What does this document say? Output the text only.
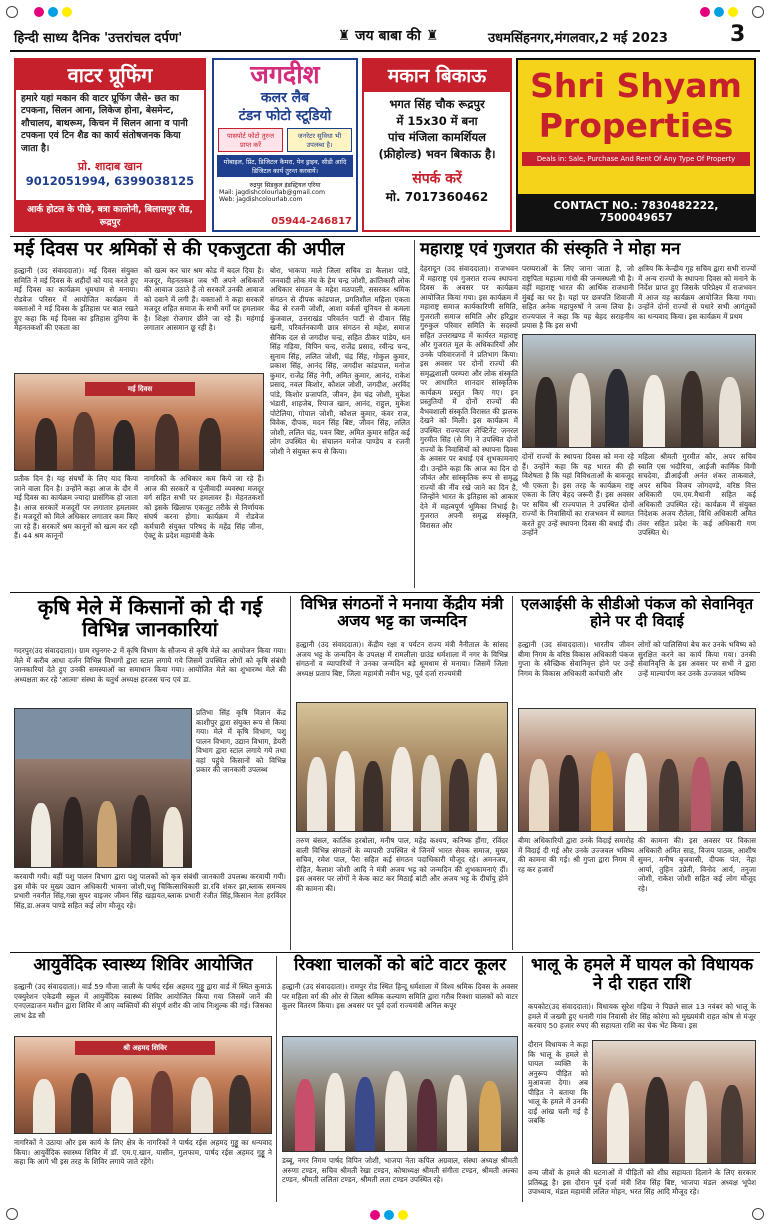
हिन्दी साध्य दैनिक 'उत्तरांचल दर्पण'	♜ जय बाबा की ♜	उधमसिंहनगर,मंगलवार,2 मई 2023	3
वाटर प्रूफिंग
हमारे यहां मकान की वाटर प्रूफिंग जैसे- छत का टपकना, सिलन आना, लिकेज होना, बेसमेन्ट, शौचालय, बाथरूम, किचन में सिलन आना व पानी टपकना एवं टिन शैड का कार्य संतोषजनक किया जाता है।
प्रो. शादाब खान
9012051994, 6399038125
आर्क होटल के पीछे, बत्रा कालोनी, बिलासपुर रोड, रूद्रपुर
जगदीश
कलर लैब
टंडन फोटो स्टूडियो
पासपोर्ट फोटो तुरन्त प्राप्त करें
जनरेटर सुविधा भी उपलब्ध है।
मोबाइल, प्रिंट, डिजिटल कैमरा, पेन ड्राइव, सीडी आदि डिजिटल कार्य तुरन्त करवायें।
रुद्रपुर सिडकुल इंडस्ट्रियल एरिया
Mail: jagdishcolourlab@gmail.com
Web: jagdishcolourlab.com
05944-246817
मकान बिकाऊ
भगत सिंह चौक रूद्रपुर
में 15x30 में बना
पांच मंजिला कामर्शियल
(फ्रीहोल्ड) भवन बिकाऊ है।
संपर्क करें
मो. 7017360462
Shri Shyam
Properties
Deals in: Sale, Purchase And Rent Of Any Type Of Property
CONTACT NO.: 7830482222, 7500049657
मई दिवस पर श्रमिकों से की एकजुटता की अपील
हल्द्वानी (उद संवाददाता)। मई दिवस संयुक्त समिति ने मई दिवस के शहीदों को याद करते हुए मई दिवस का कार्यक्रम धूमधाम से मनाया। रोडवेज परिसर में आयोजित कार्यक्रम में वक्ताओं ने मई दिवस के इतिहास पर बात रखते हुए कहा कि मई दिवस का इतिहास दुनिया के मेहनतकशों की एकता का
को खत्म कर चार श्रम कोड में बदल दिया है। मजदूर, मेहनतकश जब भी अपने अधिकारों की आवाज उठाते हैं तो सरकारें उनकी आवाज को दबाने में लगी हैं। वक्ताओं ने कहा सरकारें मजदूर शहित समाज के सभी वर्गों पर हमलावर है। शिक्षा रोजगार छीने जा रहे हैं। महंगाई लगातार आसमान छू रही है।
बोरा, भाकपा माले जिला सचिव डा कैलाश पांडे, जनवादी लोक मंच के हेम चन्द्र जोशी, क्रांतिकारी लोक अधिकार संगठन के महेश मठपाली, ससरकर श्रमिक संगठन से दीपक कांडपाल, प्रगतिशील महिला एकता केंद्र से रजनी जोशी, आशा वर्कर्स यूनियन से कमला कुंजवाल, उत्तराखंड परिवर्तन पार्टी से दीवान सिंह खनी, परिवर्तनकामी छात्र संगठन से महेश, समाज सैनिक दल से जगदीश चन्द्र, सहित ठीकर पांडेय, धन सिंह गड़िया, विपिन चन्द, राजेंद्र प्रसाद, रवीन्द्र चन्द, सुनाम सिंह, ललित जोशी, चंद्र सिंह, गोकुल कुमार, प्रकाश सिंह, आनंद सिंह, जगदीश कांडपाल, मनोज कुमार, राजेंद्र सिंह नेगी, अमित कुमार, आनंद, राकेश प्रसाद, नवल किशोर, कौशल जोशी, जगदीश, अरविंद पांडे, किशोर प्रजापति, जीवन, हेम चंद्र जोशी, मुकेश भंडारी, शाहजेब, रियाज खान, आनंद, राहुल, मुकेश पोटेलिया, गोपाल जोशी, कौशल कुमार, कंवर राज, विवेक, दीपक, मदन सिंह बिष्ट, जीवन सिंह, ललित जोशी, ललित चंद्र, पवन बिष्ट, अमित कुमार सहित कई लोग उपस्थित थे। संचालन मनोज पाण्डेय व रजनी जोशी ने संयुक्त रूप से किया।
मई दिवस
प्रतीक दिन है। यह संघर्षों के लिए याद किया जाने वाला दिन है। उन्होंने कहा आज के दौर में मई दिवस का कार्यक्रम ज्यादा प्रासंगिक हो जाता है। आज सरकारें मजदूरों पर लगातार हमलावर हैं। मजदूरों को मिले अधिकार लगातार कम किए जा रहे हैं। सरकारें श्रम कानूनों को खत्म कर रही हैं। 44 श्रम कानूनों
नागरिकों के अधिकार कम किये जा रहे हैं। आज की सरकारें व पूंजीवादी व्यवस्था मजदूर वर्ग सहित सभी पर हमलावर हैं। मेहनतकशों को इसके खिलाफ एकजुट तरीके से निर्णायक संघर्ष करना होगा। कार्यक्रम में रोडवेज कर्मचारी संयुक्त परिषद के महेंद्र सिंह जीना, ऐक्टू के प्रदेश महामंत्री केके
महाराष्ट्र एवं गुजरात की संस्कृति ने मोहा मन
देहरादून (उद संवाददाता)। राजभवन में महाराष्ट्र एवं गुजरात राज्य स्थापना दिवस के अवसर पर कार्यक्रम आयोजित किया गया। इस कार्यक्रम में महाराष्ट्र समाज कार्यकारिणी समिति, गुजराती समाज समिति और हरिद्वार गुरुकुल परिवार समिति के सदस्यों सहित उत्तराखण्ड में कार्यरत महाराष्ट्र और गुजरात मूल के अधिकारियों और उनके परिवारजनों ने प्रतिभाग किया। इस अवसर पर दोनों राज्यों की समृद्धशाली परम्परा और लोक संस्कृति पर आधारित शानदार सांस्कृतिक कार्यक्रम प्रस्तुत किए गए। इन प्रस्तुतियों में दोनों राज्यों की वैभवशाली संस्कृति विरासत की झलक देखने को मिली। इस कार्यक्रम में उपस्थित राज्यपाल लेफ्टिनेंट जनरल गुरमीत सिंह (से नि) ने उपस्थित दोनों राज्यों के निवासियों को स्थापना दिवस के अवसर पर बधाई एवं शुभकामनाएं दी। उन्होंने कहा कि आज का दिन दो जीवंत और सांस्कृतिक रूप से समृद्ध राज्यों की नींव रखे जाने का दिन है, जिन्होंने भारत के इतिहास को आकार देने में महत्वपूर्ण भूमिका निभाई है। गुजरात अपनी समृद्ध संस्कृति, विरासत और
परम्पराओं के लिए जाना जाता है, जो राष्ट्रपिता महात्मा गांधी की जन्मस्थली भी है। वहीं महाराष्ट्र भारत की आर्थिक राजधानी मुंबई का घर है। यहां पर छत्रपति शिवाजी सहित अनेक महापुरुषों ने जन्म लिया है। राज्यपाल ने कहा कि यह बेहद सराहनीय प्रयास है कि इस सभी
क्षत्रिय कि केन्द्रीय गृह सचिव द्वारा सभी राज्यों में अन्य राज्यों के स्थापना दिवस को मनाने के निर्देश प्राप्त हुए जिसके परिप्रेक्ष्य में राजभवन में आज यह कार्यक्रम आयोजित किया गया। उन्होंने दोनों राज्यों से पधारे सभी आगंतुकों का धन्यवाद किया। इस कार्यक्रम में प्रथम
दोनों राज्यों के स्थापना दिवस को मना रहे हैं। उन्होंने कहा कि यह भारत की ही विशेषता है कि यहां विविधताओं के बावजूद भी एकता है। इस तरह के कार्यक्रम राष्ट्र एकता के लिए बेहद जरूरी हैं। इस अवसर पर सचिव श्री राज्यपाल ने उपस्थित दोनों राज्यों के निवासियों का राजभवन में स्वागत करते हुए उन्हें स्थापना दिवस की बधाई दी। उन्होंने
महिला श्रीमती गुरमीत कौर, अपर सचिव स्वाति एस भदौरिया, आईजी कार्मिक विमी सचदेवा, डीआईजी अनंत शंकर ताकवाले, अपर सचिव विजय जोगदण्डे, वरिष्ठ वित्त अधिकारी एम.एम.मैथानी सहित कई अधिकारी उपस्थित रहे। कार्यक्रम में संयुक्त निदेशक अजय रौतेला, विधि अधिकारी अमित तंवर सहित प्रदेश के कई अधिकारी गण उपस्थित थे।
कृषि मेले में किसानों को दी गई विभिन्न जानकारियां
गदरपुर(उद संवाददाता)। ग्राम रघुनगर-2 में कृषि विभाग के सौजन्य से कृषि मेले का आयोजन किया गया। मेले में करीब आधा दर्जन विभिन्न विभागों द्वारा स्टाल लगाये गये जिसमें उपस्थित लोगों को कृषि संबंधी जानकारियां देते हुए उनकी समस्याओं का समाधान किया गया। आयोजित मेले का शुभारम्भ मेले की अध्यक्षता कर रहे 'आत्मा' संस्था के चतुर्थ अध्यक्ष हरजस चन्द एवं डा.
प्रतिभा सिंह कृषि विज्ञान केंद्र काशीपुर द्वारा संयुक्त रूप से किया गया। मेले में कृषि विभाग, पशु पालन विभाग, उद्यान विभाग, डेयरी विभाग द्वारा स्टाल लगाये गये तथा वहां पहुंचे किसानों को विभिन्न प्रकार की जानकारी उपलब्ध
करवायी गयी। वहीं पशु पालन विभाग द्वारा पशु पालकों को कृत्र संबंधी जानकारी उपलब्ध करवायी गयी। इस मौके पर मुख्य उद्यान अधिकारी भावना जोशी,पशु चिकित्साधिकारी डा.रवि शंकर झा,ब्लाक समन्वय प्रभारी नवनीत सिंह,गन्ना सुपर वाइजर जीवन सिंह खड़ायत,ब्लाक प्रभारी रंजीत सिंह,किसान नेता हरविंदर सिंह,डा.अजय पाण्डे सहित कई लोग मौजूद रहे।
विभिन्न संगठनों ने मनाया केंद्रीय मंत्री अजय भट्ट का जन्मदिन
हल्द्वानी (उद संवाददाता)। केंद्रीय रक्षा व पर्यटन राज्य मंत्री नैनीताल के सांसद अजय भट्ट के जन्मदिन के उपलक्ष में रामलीला ग्राउंड धर्मशाला में नगर के विभिन्न संगठनों व व्यापारियों ने उनका जन्मदिन बड़े धूमधाम से मनाया। जिसमें जिला अध्यक्ष प्रताप बिष्ट, जिला महामंत्री नवीन भट्ट, पूर्व दर्जा राज्यमंत्री
तरुण बंसल, कार्तिक हरबोला, मनीष पाल, महेंद्र कश्यप, कनिष्क हौंगा, रविंदर बाली विभिन्न संगठनों के व्यापारी उपस्थित थे जिनमें भारत सेवक समाज, मुख्य सचिव, रमेश पाल, पैरा सहित कई संगठन पदाधिकारी मौजूद रहे। अमनजय, रोहित, कैलाश जोशी आदि ने मंत्री अजय भट्ट को जन्मदिन की शुभकामनाएं दीं। इस अवसर पर लोगों ने केक काट कर मिठाई बांटी और अजय भट्ट के दीर्घायु होने की कामना की।
एलआईसी के सीडीओ पंकज को सेवानिवृत होने पर दी विदाई
हल्द्वानी (उद संवाददाता)। भारतीय जीवन बीमा निगम के वरिष्ठ विकास अधिकारी पंकज गुप्ता के स्वैच्छिक सेवानिवृत्त होने पर उन्हें निगम के विकास अधिकारी कर्मचारी और
लोगों को पालिसियां बेच कर उनके भविष्य को सुरक्षित करने का कार्य किया गया। उनकी सेवानिवृत्ति के इस अवसर पर सभी ने द्वारा उन्हें माल्यार्पण कर उनके उज्जवल भविष्य
बीमा अधिकारियों द्वारा उनके विदाई समारोह में विदाई दी गई और उनके उज्जवल भविष्य की कामना की गई। श्री गुप्ता द्वारा निगम में रह कर हजारों
की कामना की। इस अवसर पर विकास अधिकारी अमित साह, विजय पाठक, आशीष सुमन, मनीष बृजवासी, दीपक पंत, नेहा आर्या, तुहिन उप्रेती, विनोद आर्य, तनुजा जोशी, राकेश जोशी सहित कई लोग मौजूद रहे।
आयुर्वेदिक स्वास्थ्य शिविर आयोजित
हल्द्वानी (उद संवाददाता)। वार्ड 59 गौजा जाली के पार्षद रईस अहमद गुड्डू द्वारा वार्ड में स्थित कुमाऊं एक्युरेशन एकेडमी स्कूल में आयुर्वेदिक स्वास्थ्य शिविर आयोजित किया गया जिसमें जानें की एनएलडाजन मशीन द्वारा शिविर में आए व्यक्तियों की संपूर्ण शरीर की जांच निःशुल्क की गई। जिसका लाभ ढेड सौ
श्री अहमद शिविर
नागरिकों ने उठाया और इस कार्य के लिए क्षेत्र के नागरिकों ने पार्षद रईस अहमद गुड्डू का धन्यवाद किया। आयुर्वेदिक स्वास्थ्य शिविर में डॉ. एम.ए.खान, यासीन, गुलफाम, पार्षद रईस अहमद गुड्डू ने कहा कि आगे भी इस तरह के शिविर लगाये जाते रहेंगे।
रिक्शा चालकों को बांटे वाटर कूलर
हल्द्वानी (उद संवाददाता)। रामपुर रोड स्थित हिन्दू धर्मशाला में विश्व श्रमिक दिवस के अवसर पर महिला वर्ग की ओर से जिला श्रमिक कल्याण समिति द्वारा गरीब रिक्शा चालकों को वाटर कूलर वितरण किया। इस अवसर पर पूर्व दर्जा राज्यमंत्री अनिल कपूर
डब्बू, नगर निगम पार्षद विपिन जोशी, भाजपा नेता कपिल अग्रवाल, संस्था अध्यक्ष श्रीमती अरुणा टण्डन, सचिव श्रीमती रेखा टण्डन, कोषाध्यक्ष श्रीमती संगीता टण्डन, श्रीमती अल्का टण्डन, श्रीमती ललिता टण्डन, श्रीमती लता टण्डन उपस्थित रहे।
भालू के हमले में घायल को विधायक ने दी राहत राशि
कपकोट(उद संवाददाता)। विधायक सुरेश गड़िया ने पिछले साल 13 नवंबर को भालू के हमले में जख्मी हुए धनारी गांव निवासी शेर सिंह कोरंगा को मुख्यमंत्री राहत कोष से मंजूर करवाए 50 हजार रुपए की सहायता राशि का चेक भेंट किया। इस
दौरान विधायक ने कहा कि भालू के हमले से घायल व्यक्ति के अनुरूप पीड़ित को मुआवजा देगा। अब पीड़ित ने बताया कि भालू के हमले में उनकी दाईं आंख चली गई है जबकि
वन्य जीवों के हमले की घटनाओं में पीड़ितों को शीघ्र सहायता दिलाने के लिए सरकार प्रतिबद्ध है। इस दौरान पूर्व दर्जा मंत्री शिव सिंह बिष्ट, भाजपा मंडल अध्यक्ष भूपेश उपाध्याय, मंडल महामंत्री ललित मोहन, भरत सिंह आदि मौजूद रहे।
